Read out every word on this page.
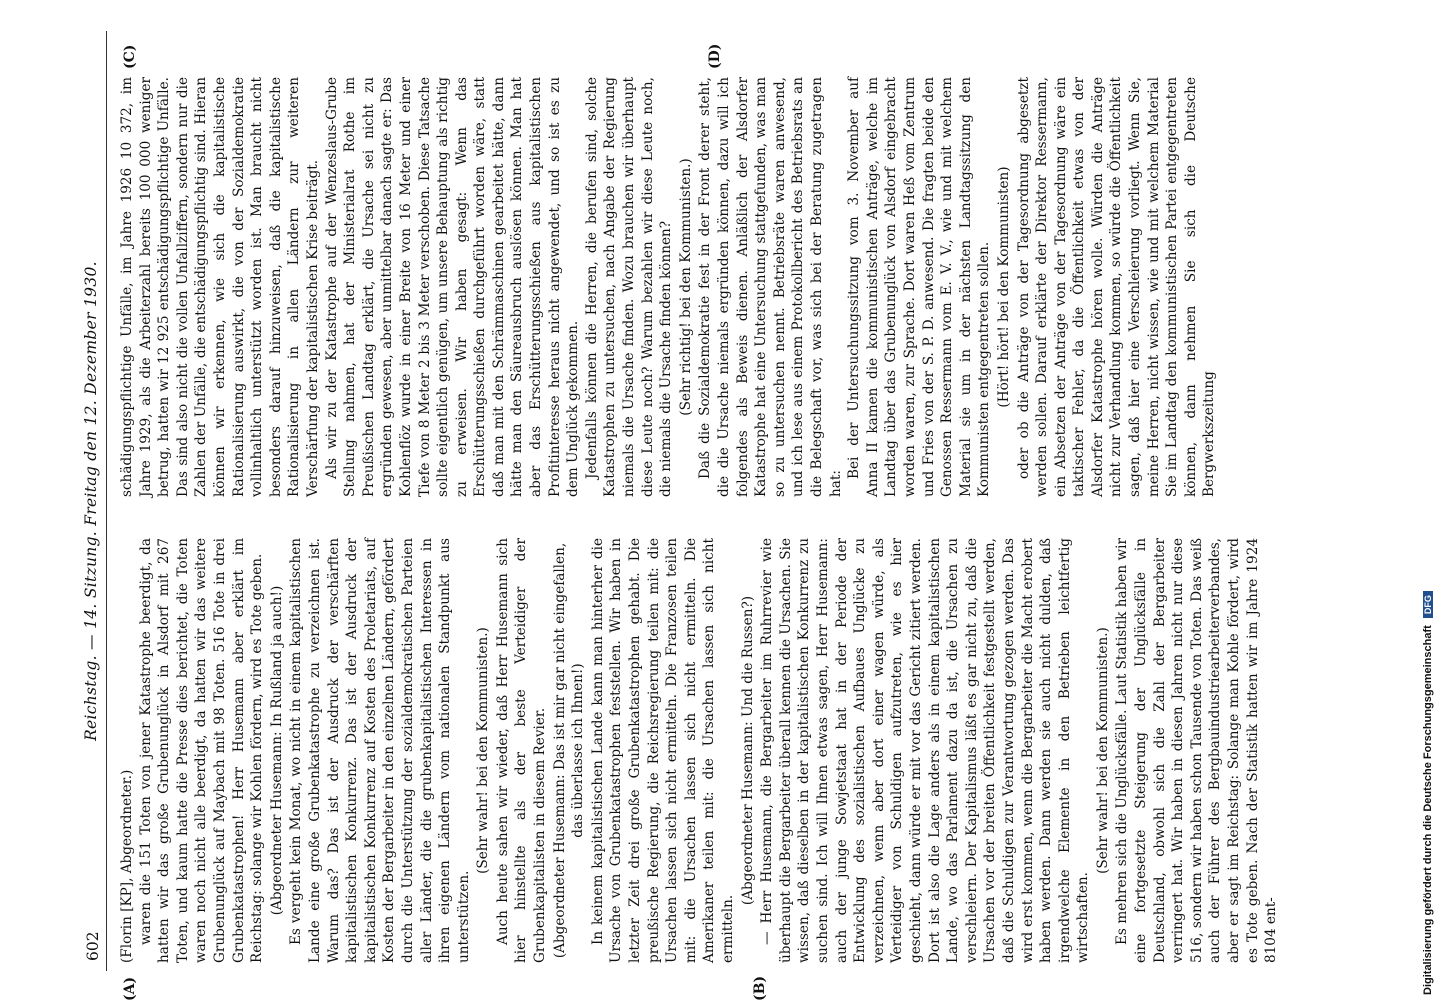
602
Reichstag. — 14. Sitzung. Freitag den 12. Dezember 1930.
(A)	(B)
(C)	(D)

(Florin [KP], Abgeordneter.) waren die 151 Toten von jener Katastrophe beerdigt, da hatten wir das große Grubenunglück in Alsdorf mit 267 Toten, und kaum hatte die Presse dies berichtet, die Toten waren noch nicht alle beerdigt, da hatten wir das weitere Grubenunglück auf Maybach mit 98 Toten. 516 Tote in drei Grubenkatastrophen! Herr Husemann aber erklärt im Reichstag: solange wir Kohlen fördern, wird es Tote geben. (Abgeordneter Husemann: In Rußland ja auch!) Es vergeht kein Monat, wo nicht in einem kapitalistischen Lande eine große Grubenkatastrophe zu verzeichnen ist. Warum das? Das ist der Ausdruck der verschärften kapitalistischen Konkurrenz. Das ist der Ausdruck der kapitalistischen Konkurrenz auf Kosten des Proletariats, auf Kosten der Bergarbeiter in den einzelnen Ländern, gefördert durch die Unterstützung der sozialdemokratischen Parteien aller Länder, die die grubenkapitalistischen Interessen in ihren eigenen Ländern vom nationalen Standpunkt aus unterstützen.

(Sehr wahr! bei den Kommunisten.) Auch heute sahen wir wieder, daß Herr Husemann sich hier hinstellte als der beste Verteidiger der Grubenkapitalisten in diesem Revier. (Abgeordneter Husemann: Das ist mir gar nicht eingefallen, das überlasse ich Ihnen!) In keinem kapitalistischen Lande kann man hinterher die Ursache von Grubenkatastrophen feststellen. Wir haben in letzter Zeit drei große Grubenkatastrophen gehabt. Die preußische Regierung, die Reichsregierung teilen mit: die Ursachen lassen sich nicht ermitteln. Die Franzosen teilen mit: die Ursachen lassen sich nicht ermitteln. Die Amerikaner teilen mit: die Ursachen lassen sich nicht ermitteln.

(Abgeordneter Husemann: Und die Russen?) — Herr Husemann, die Bergarbeiter im Ruhrrevier wie überhaupt die Bergarbeiter überall kennen die Ursachen. Sie wissen, daß dieselben in der kapitalistischen Konkurrenz zu suchen sind. Ich will Ihnen etwas sagen, Herr Husemann: auch der junge Sowjetstaat hat in der Periode der Entwicklung des sozialistischen Aufbaues Unglücke zu verzeichnen, wenn aber dort einer wagen würde, als Verteidiger von Schuldigen aufzutreten, wie es hier geschieht, dann würde er mit vor das Gericht zitiert werden. Dort ist also die Lage anders als in einem kapitalistischen Lande, wo das Parlament dazu da ist, die Ursachen zu verschleiern. Der Kapitalismus läßt es gar nicht zu, daß die Ursachen vor der breiten Öffentlichkeit festgestellt werden, daß die Schuldigen zur Verantwortung gezogen werden. Das wird erst kommen, wenn die Bergarbeiter die Macht erobert haben werden. Dann werden sie auch nicht dulden, daß irgendwelche Elemente in den Betrieben leichtfertig wirtschaften.

(Sehr wahr! bei den Kommunisten.) Es mehren sich die Unglücksfälle. Laut Statistik haben wir eine fortgesetzte Steigerung der Unglücksfälle in Deutschland, obwohl sich die Zahl der Bergarbeiter verringert hat. Wir haben in diesen Jahren nicht nur diese 516, sondern wir haben schon Tausende von Toten. Das weiß auch der Führer des Bergbauindustriearbeiterverbandes, aber er sagt im Reichstag: Solange man Kohle fördert, wird es Tote geben. Nach der Statistik hatten wir im Jahre 1924 8104 ent-

schädigungspflichtige Unfälle, im Jahre 1926 10 372, im Jahre 1929, als die Arbeiterzahl bereits 100 000 weniger betrug, hatten wir 12 925 entschädigungspflichtige Unfälle. Das sind also nicht die vollen Unfallziffern, sondern nur die Zahlen der Unfälle, die entschädigungspflichtig sind. Hieran können wir erkennen, wie sich die kapitalistische Rationalisierung auswirkt, die von der Sozialdemokratie vollinhaltlich unterstützt worden ist. Man braucht nicht besonders darauf hinzuweisen, daß die kapitalistische Rationalisierung in allen Ländern zur weiteren Verschärfung der kapitalistischen Krise beiträgt. Als wir zu der Katastrophe auf der Wenzeslaus-Grube Stellung nahmen, hat der Ministerialrat Rothe im Preußischen Landtag erklärt, die Ursache sei nicht zu ergründen gewesen, aber unmittelbar danach sagte er: Das Kohlenflöz wurde in einer Breite von 16 Meter und einer Tiefe von 8 Meter 2 bis 3 Meter verschoben. Diese Tatsache sollte eigentlich genügen, um unsere Behauptung als richtig zu erweisen. Wir haben gesagt: Wenn das Erschütterungsschießen durchgeführt worden wäre, statt daß man mit den Schrämmaschinen gearbeitet hätte, dann hätte man den Säureausbruch auslösen können. Man hat aber das Erschütterungsschießen aus kapitalistischen Profitinteresse heraus nicht angewendet, und so ist es zu dem Unglück gekommen. Jedenfalls können die Herren, die berufen sind, solche Katastrophen zu untersuchen, nach Angabe der Regierung niemals die Ursache finden. Wozu brauchen wir überhaupt diese Leute noch? Warum bezahlen wir diese Leute noch, die niemals die Ursache finden können? (Sehr richtig! bei den Kommunisten.) Daß die Sozialdemokratie fest in der Front derer steht, die die Ursache niemals ergründen können, dazu will ich folgendes als Beweis dienen. Anläßlich der Alsdorfer Katastrophe hat eine Untersuchung stattgefunden, was man so zu untersuchen nennt. Betriebsräte waren anwesend, und ich lese aus einem Protokollbericht des Betriebsrats an die Belegschaft vor, was sich bei der Beratung zugetragen hat:

Bei der Untersuchungssitzung vom 3. November auf Anna II kamen die kommunistischen Anträge, welche im Landtag über das Grubenunglück von Alsdorf eingebracht worden waren, zur Sprache. Dort waren Heß vom Zentrum und Fries von der S. P. D. anwesend. Die fragten beide den Genossen Ressermann vom E. V. V., wie und mit welchem Material sie um in der nächsten Landtagssitzung den Kommunisten entgegentreten sollen. (Hört! hört! bei den Kommunisten) oder ob die Anträge von der Tagesordnung abgesetzt werden sollen. Darauf erklärte der Direktor Ressermann, ein Absetzen der Anträge von der Tagesordnung wäre ein taktischer Fehler, da die Öffentlichkeit etwas von der Alsdorfer Katastrophe hören wolle. Würden die Anträge nicht zur Verhandlung kommen, so würde die Öffentlichkeit sagen, daß hier eine Verschleierung vorliegt. Wenn Sie, meine Herren, nicht wissen, wie und mit welchem Material Sie im Landtag den kommunistischen Partei entgegentreten können, dann nehmen Sie sich die Deutsche Bergwerkszeitung

Digitalisierung gefördert durch die Deutsche Forschungsgemeinschaft DFG
